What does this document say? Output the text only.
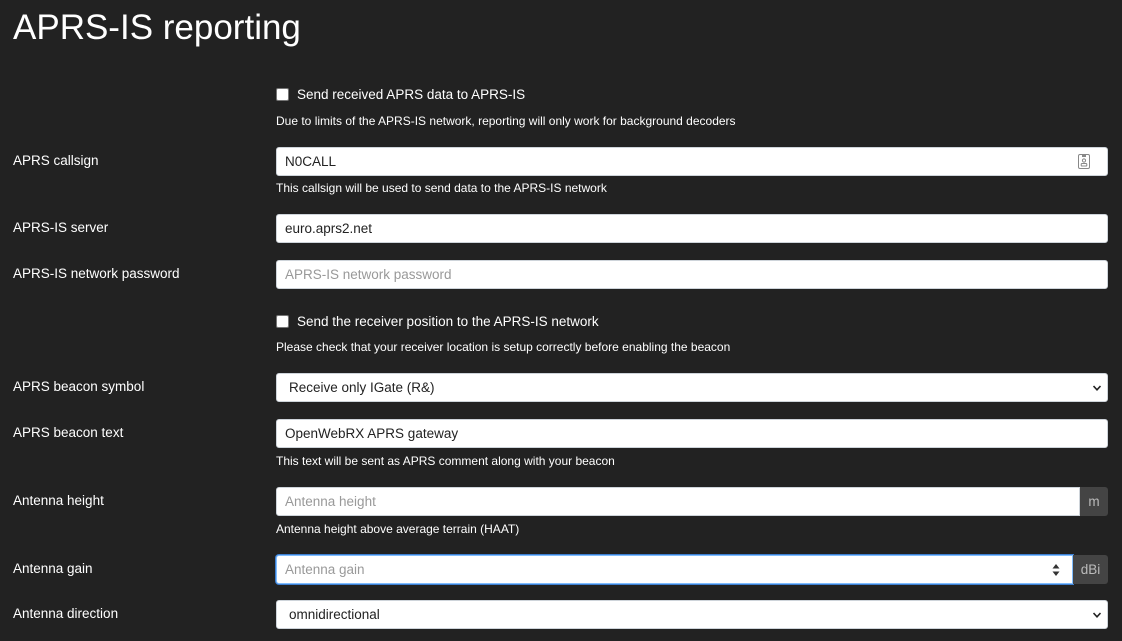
APRS-IS reporting
Send received APRS data to APRS-IS
Due to limits of the APRS-IS network, reporting will only work for background decoders
APRS callsign	N0CALL
This callsign will be used to send data to the APRS-IS network
APRS-IS server	euro.aprs2.net
APRS-IS network password	APRS-IS network password
Send the receiver position to the APRS-IS network
Please check that your receiver location is setup correctly before enabling the beacon
APRS beacon symbol	Receive only IGate (R&)
APRS beacon text	OpenWebRX APRS gateway
This text will be sent as APRS comment along with your beacon
Antenna height	Antenna height	m
Antenna height above average terrain (HAAT)
Antenna gain	Antenna gain	dBi
Antenna direction	omnidirectional
